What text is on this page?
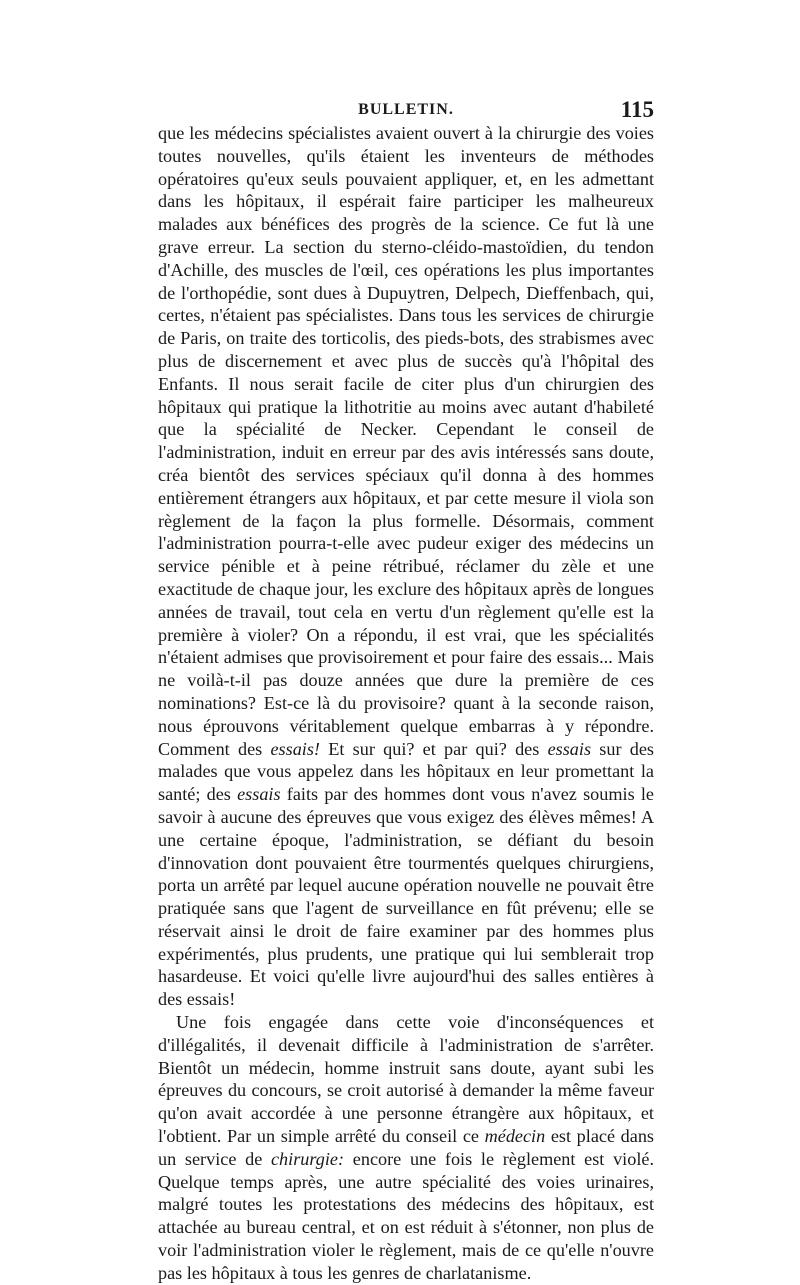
BULLETIN.	115

que les médecins spécialistes avaient ouvert à la chirurgie des voies toutes nouvelles, qu'ils étaient les inventeurs de méthodes opératoires qu'eux seuls pouvaient appliquer, et, en les admettant dans les hôpitaux, il espérait faire participer les malheureux malades aux bénéfices des progrès de la science. Ce fut là une grave erreur. La section du sterno-cléido-mastoïdien, du tendon d'Achille, des muscles de l'œil, ces opérations les plus importantes de l'orthopédie, sont dues à Dupuytren, Delpech, Dieffenbach, qui, certes, n'étaient pas spécialistes. Dans tous les services de chirurgie de Paris, on traite des torticolis, des pieds-bots, des strabismes avec plus de discernement et avec plus de succès qu'à l'hôpital des Enfants. Il nous serait facile de citer plus d'un chirurgien des hôpitaux qui pratique la lithotritie au moins avec autant d'habileté que la spécialité de Necker. Cependant le conseil de l'administration, induit en erreur par des avis intéressés sans doute, créa bientôt des services spéciaux qu'il donna à des hommes entièrement étrangers aux hôpitaux, et par cette mesure il viola son règlement de la façon la plus formelle. Désormais, comment l'administration pourra-t-elle avec pudeur exiger des médecins un service pénible et à peine rétribué, réclamer du zèle et une exactitude de chaque jour, les exclure des hôpitaux après de longues années de travail, tout cela en vertu d'un règlement qu'elle est la première à violer? On a répondu, il est vrai, que les spécialités n'étaient admises que provisoirement et pour faire des essais... Mais ne voilà-t-il pas douze années que dure la première de ces nominations? Est-ce là du provisoire? quant à la seconde raison, nous éprouvons véritablement quelque embarras à y répondre. Comment des essais! Et sur qui? et par qui? des essais sur des malades que vous appelez dans les hôpitaux en leur promettant la santé; des essais faits par des hommes dont vous n'avez soumis le savoir à aucune des épreuves que vous exigez des élèves mêmes! A une certaine époque, l'administration, se défiant du besoin d'innovation dont pouvaient être tourmentés quelques chirurgiens, porta un arrêté par lequel aucune opération nouvelle ne pouvait être pratiquée sans que l'agent de surveillance en fût prévenu; elle se réservait ainsi le droit de faire examiner par des hommes plus expérimentés, plus prudents, une pratique qui lui semblerait trop hasardeuse. Et voici qu'elle livre aujourd'hui des salles entières à des essais!

Une fois engagée dans cette voie d'inconséquences et d'illégalités, il devenait difficile à l'administration de s'arrêter. Bientôt un médecin, homme instruit sans doute, ayant subi les épreuves du concours, se croit autorisé à demander la même faveur qu'on avait accordée à une personne étrangère aux hôpitaux, et l'obtient. Par un simple arrêté du conseil ce médecin est placé dans un service de chirurgie: encore une fois le règlement est violé. Quelque temps après, une autre spécialité des voies urinaires, malgré toutes les protestations des médecins des hôpitaux, est attachée au bureau central, et on est réduit à s'étonner, non plus de voir l'administration violer le règlement, mais de ce qu'elle n'ouvre pas les hôpitaux à tous les genres de charlatanisme.
